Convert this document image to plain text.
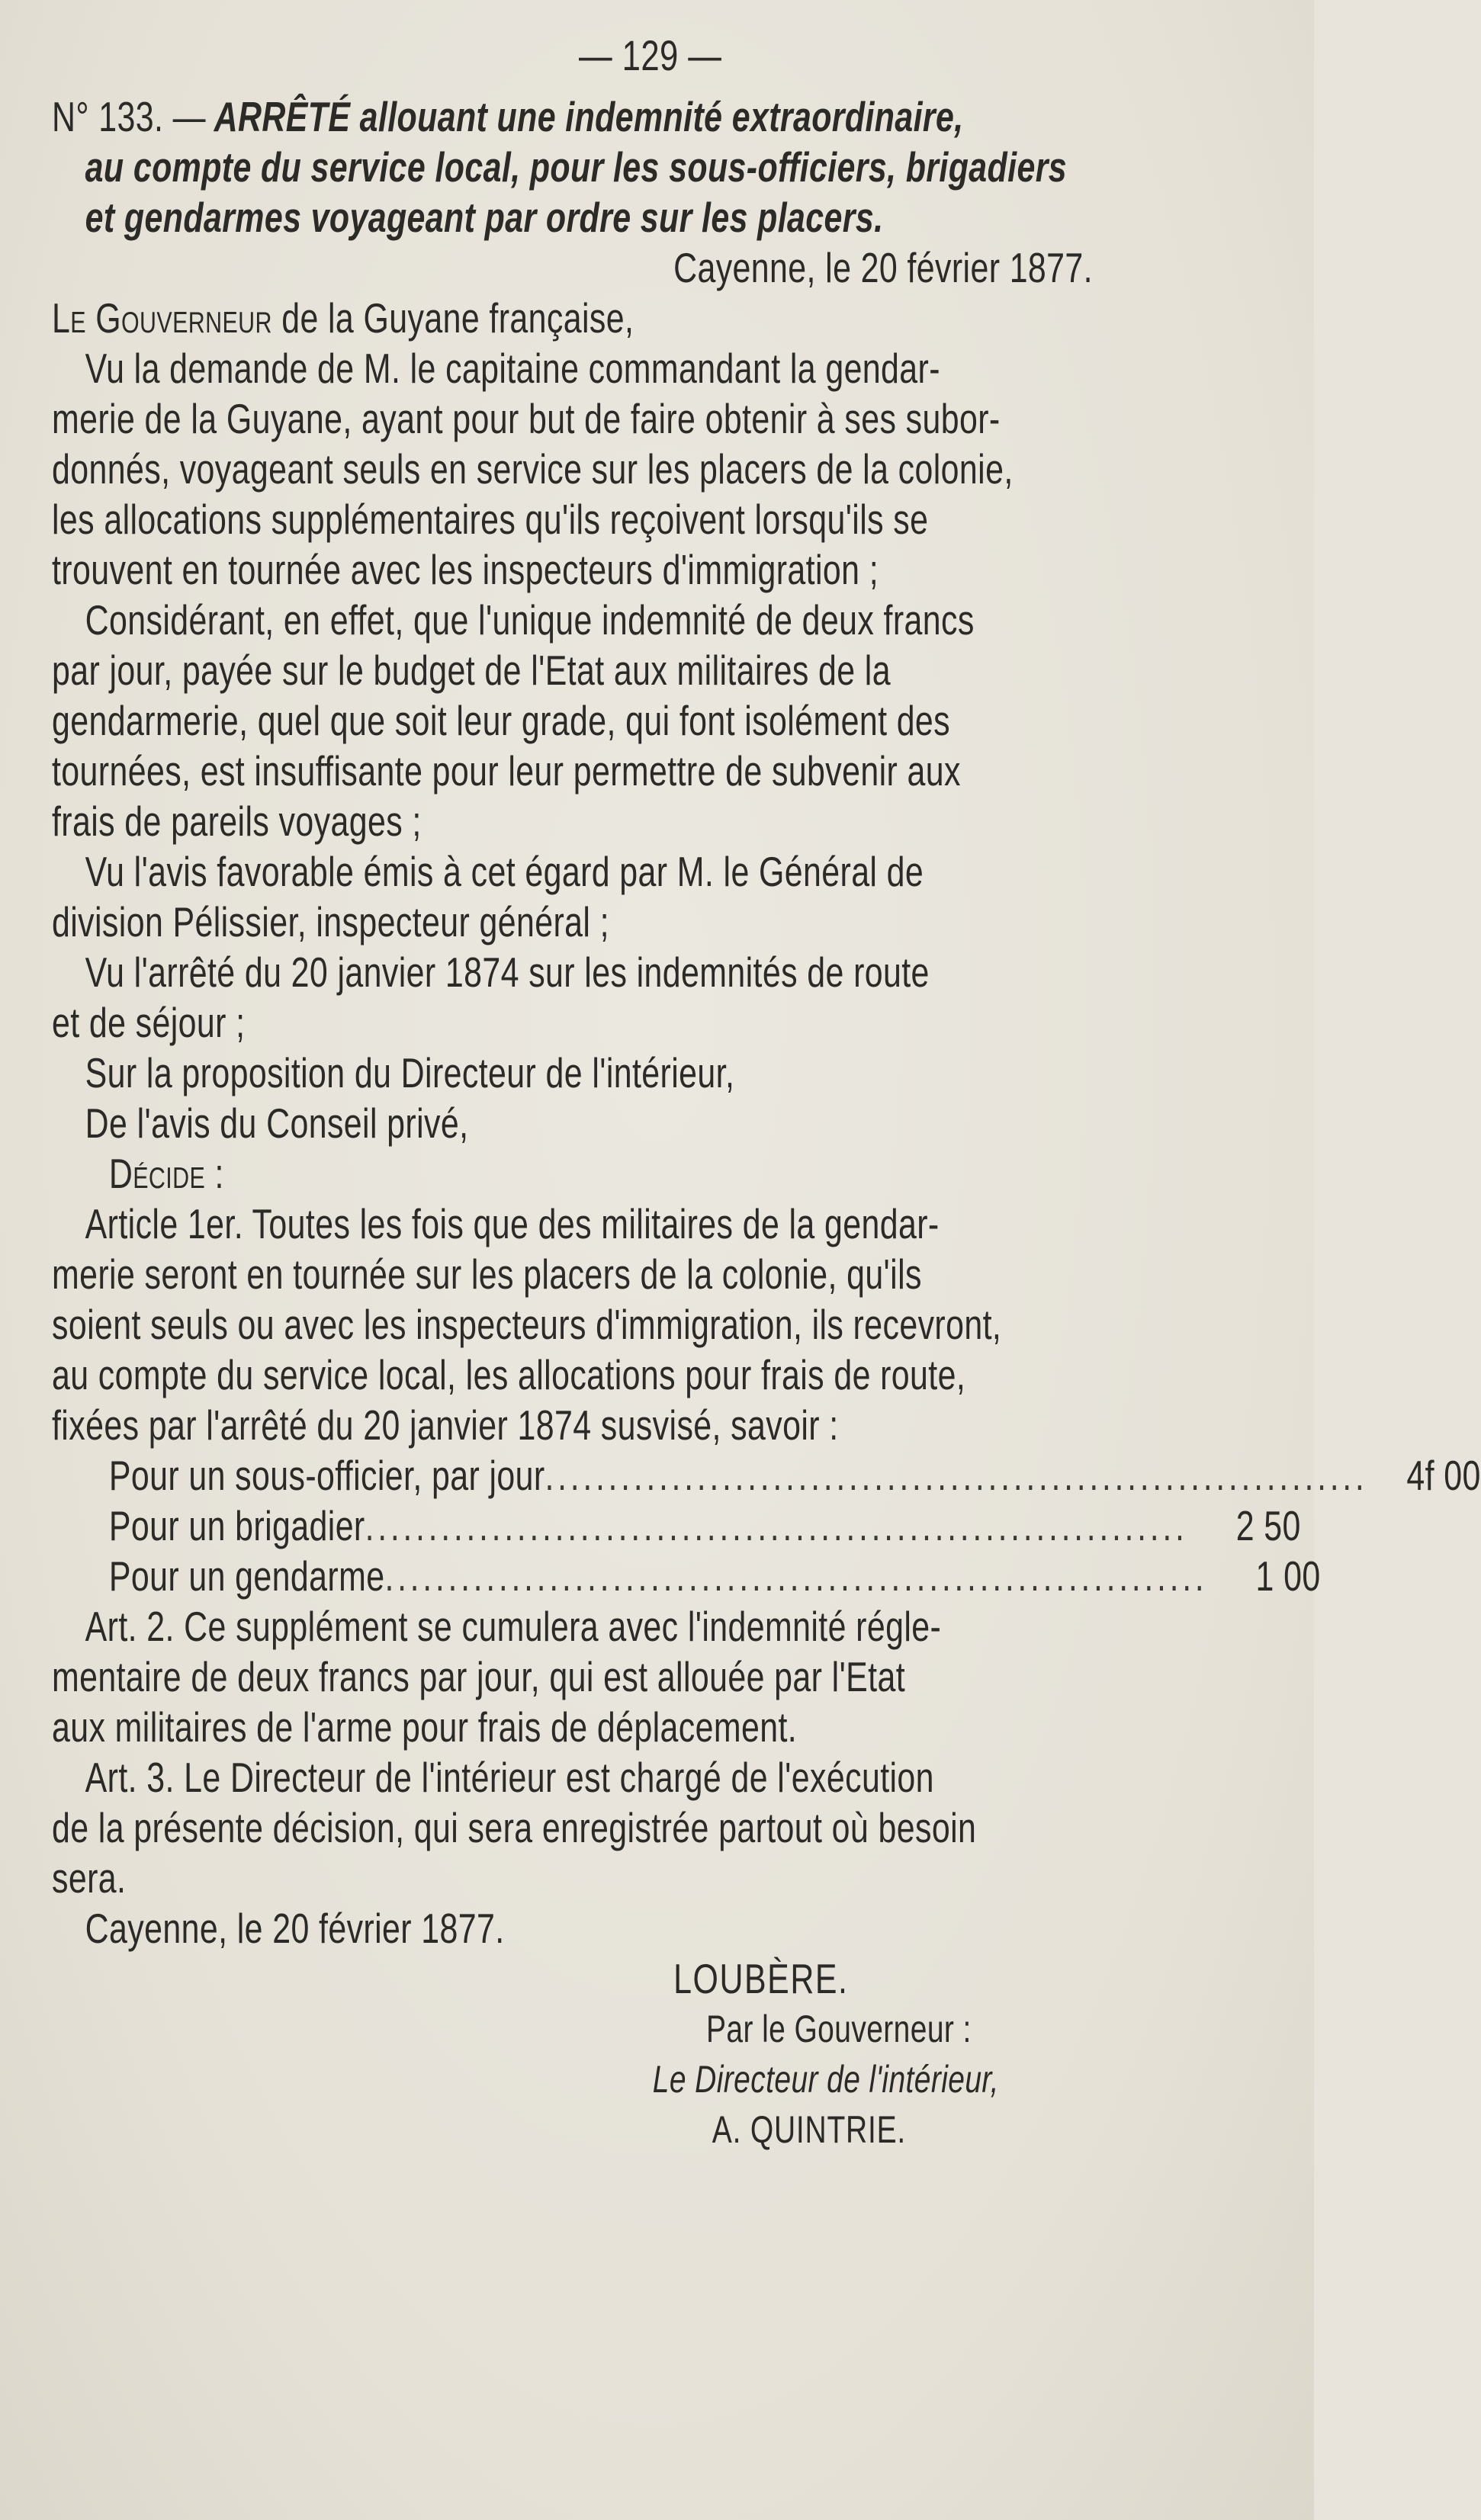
— 129 —
N° 133. — ARRÊTÉ allouant une indemnité extraordinaire,
au compte du service local, pour les sous-officiers, brigadiers
et gendarmes voyageant par ordre sur les placers.
Cayenne, le 20 février 1877.
Le Gouverneur de la Guyane française,
Vu la demande de M. le capitaine commandant la gendar-
merie de la Guyane, ayant pour but de faire obtenir à ses subor-
donnés, voyageant seuls en service sur les placers de la colonie,
les allocations supplémentaires qu'ils reçoivent lorsqu'ils se
trouvent en tournée avec les inspecteurs d'immigration ;
Considérant, en effet, que l'unique indemnité de deux francs
par jour, payée sur le budget de l'Etat aux militaires de la
gendarmerie, quel que soit leur grade, qui font isolément des
tournées, est insuffisante pour leur permettre de subvenir aux
frais de pareils voyages ;
Vu l'avis favorable émis à cet égard par M. le Général de
division Pélissier, inspecteur général ;
Vu l'arrêté du 20 janvier 1874 sur les indemnités de route
et de séjour ;
Sur la proposition du Directeur de l'intérieur,
De l'avis du Conseil privé,
Décide :
Article 1er. Toutes les fois que des militaires de la gendar-
merie seront en tournée sur les placers de la colonie, qu'ils
soient seuls ou avec les inspecteurs d'immigration, ils recevront,
au compte du service local, les allocations pour frais de route,
fixées par l'arrêté du 20 janvier 1874 susvisé, savoir :
Pour un sous-officier, par jour ................................................................. 4f 00
Pour un brigadier .................................................................	2 50
Pour un gendarme .................................................................	1 00
Art. 2. Ce supplément se cumulera avec l'indemnité régle-
mentaire de deux francs par jour, qui est allouée par l'Etat
aux militaires de l'arme pour frais de déplacement.
Art. 3. Le Directeur de l'intérieur est chargé de l'exécution
de la présente décision, qui sera enregistrée partout où besoin
sera.
Cayenne, le 20 février 1877.
LOUBÈRE.
Par le Gouverneur :
Le Directeur de l'intérieur,
A. QUINTRIE.
